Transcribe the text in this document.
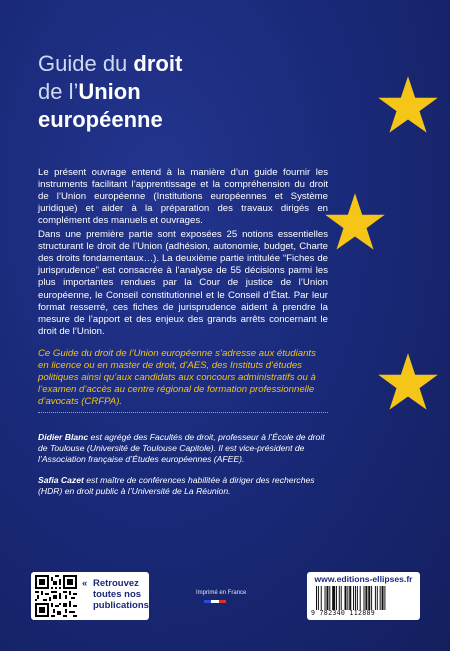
Guide du droit
de l’Union
européenne

Le présent ouvrage entend à la manière d’un guide fournir les instruments facilitant l’apprentissage et la compréhension du droit de l’Union européenne (Institutions européennes et Système juridique) et aider à la préparation des travaux dirigés en complément des manuels et ouvrages.

Dans une première partie sont exposées 25 notions essentielles structurant le droit de l’Union (adhésion, autonomie, budget, Charte des droits fondamentaux…). La deuxième partie intitulée “Fiches de jurisprudence” est consacrée à l’analyse de 55 décisions parmi les plus importantes rendues par la Cour de justice de l’Union européenne, le Conseil constitutionnel et le Conseil d’État. Par leur format resserré, ces fiches de jurisprudence aident à prendre la mesure de l’apport et des enjeux des grands arrêts concernant le droit de l’Union.

Ce Guide du droit de l’Union européenne s’adresse aux étudiants en licence ou en master de droit, d’AES, des Instituts d’études politiques ainsi qu’aux candidats aux concours administratifs ou à l’examen d’accès au centre régional de formation professionnelle d’avocats (CRFPA).

Didier Blanc est agrégé des Facultés de droit, professeur à l’École de droit de Toulouse (Université de Toulouse Capitole). Il est vice-président de l’Association française d’Études européennes (AFEE).

Safia Cazet est maître de conférences habilitée à diriger des recherches (HDR) en droit public à l’Université de La Réunion.

« Retrouvez toutes nos publications
Imprimé en France
www.editions-ellipses.fr
9 782340 112889
